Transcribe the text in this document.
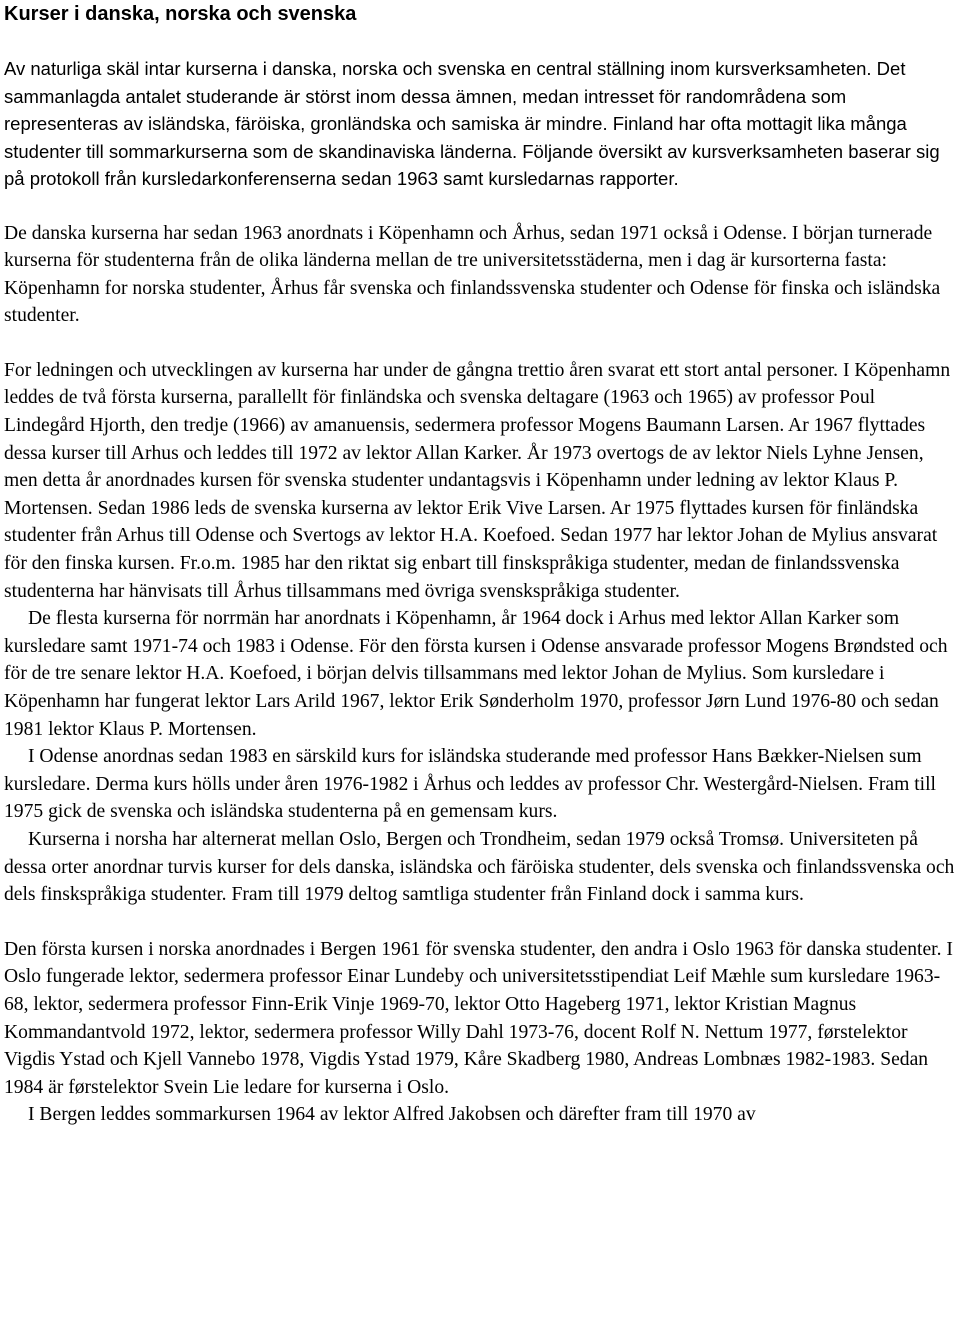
Kurser i danska, norska och svenska

Av naturliga skäl intar kurserna i danska, norska och svenska en central ställning inom kursverksamheten. Det sammanlagda antalet studerande är störst inom dessa ämnen, medan intresset för randområdena som representeras av isländska, färöiska, gronländska och samiska är mindre. Finland har ofta mottagit lika många studenter till sommarkurserna som de skandinaviska länderna. Följande översikt av kursverksamheten baserar sig på protokoll från kursledarkonferenserna sedan 1963 samt kursledarnas rapporter.

De danska kurserna har sedan 1963 anordnats i Köpenhamn och Århus, sedan 1971 också i Odense. I början turnerade kurserna för studenterna från de olika länderna mellan de tre universitetsstäderna, men i dag är kursorterna fasta: Köpenhamn for norska studenter, Århus får svenska och finlandssvenska studenter och Odense för finska och isländska studenter.

For ledningen och utvecklingen av kurserna har under de gångna trettio åren svarat ett stort antal personer. I Köpenhamn leddes de två första kurserna, parallellt för finländska och svenska deltagare (1963 och 1965) av professor Poul Lindegård Hjorth, den tredje (1966) av amanuensis, sedermera professor Mogens Baumann Larsen. Ar 1967 flyttades dessa kurser till Arhus och leddes till 1972 av lektor Allan Karker. År 1973 overtogs de av lektor Niels Lyhne Jensen, men detta år anordnades kursen för svenska studenter undantagsvis i Köpenhamn under ledning av lektor Klaus P. Mortensen. Sedan 1986 leds de svenska kurserna av lektor Erik Vive Larsen. Ar 1975 flyttades kursen för finländska studenter från Arhus till Odense och Svertogs av lektor H.A. Koefoed. Sedan 1977 har lektor Johan de Mylius ansvarat för den finska kursen. Fr.o.m. 1985 har den riktat sig enbart till finskspråkiga studenter, medan de finlandssvenska studenterna har hänvisats till Århus tillsammans med övriga svenskspråkiga studenter.

De flesta kurserna för norrmän har anordnats i Köpenhamn, år 1964 dock i Arhus med lektor Allan Karker som kursledare samt 1971-74 och 1983 i Odense. För den första kursen i Odense ansvarade professor Mogens Brøndsted och för de tre senare lektor H.A. Koefoed, i början delvis tillsammans med lektor Johan de Mylius. Som kursledare i Köpenhamn har fungerat lektor Lars Arild 1967, lektor Erik Sønderholm 1970, professor Jørn Lund 1976-80 och sedan 1981 lektor Klaus P. Mortensen.

I Odense anordnas sedan 1983 en särskild kurs for isländska studerande med professor Hans Bækker-Nielsen sum kursledare. Derma kurs hölls under åren 1976-1982 i Århus och leddes av professor Chr. Westergård-Nielsen. Fram till 1975 gick de svenska och isländska studenterna på en gemensam kurs.

Kurserna i norsha har alternerat mellan Oslo, Bergen och Trondheim, sedan 1979 också Tromsø. Universiteten på dessa orter anordnar turvis kurser for dels danska, isländska och färöiska studenter, dels svenska och finlandssvenska och dels finskspråkiga studenter. Fram till 1979 deltog samtliga studenter från Finland dock i samma kurs.

Den första kursen i norska anordnades i Bergen 1961 för svenska studenter, den andra i Oslo 1963 för danska studenter. I Oslo fungerade lektor, sedermera professor Einar Lundeby och universitetsstipendiat Leif Mæhle sum kursledare 1963-68, lektor, sedermera professor Finn-Erik Vinje 1969-70, lektor Otto Hageberg 1971, lektor Kristian Magnus Kommandantvold 1972, lektor, sedermera professor Willy Dahl 1973-76, docent Rolf N. Nettum 1977, førstelektor Vigdis Ystad och Kjell Vannebo 1978, Vigdis Ystad 1979, Kåre Skadberg 1980, Andreas Lombnæs 1982-1983. Sedan 1984 är førstelektor Svein Lie ledare for kurserna i Oslo.

I Bergen leddes sommarkursen 1964 av lektor Alfred Jakobsen och därefter fram till 1970 av
